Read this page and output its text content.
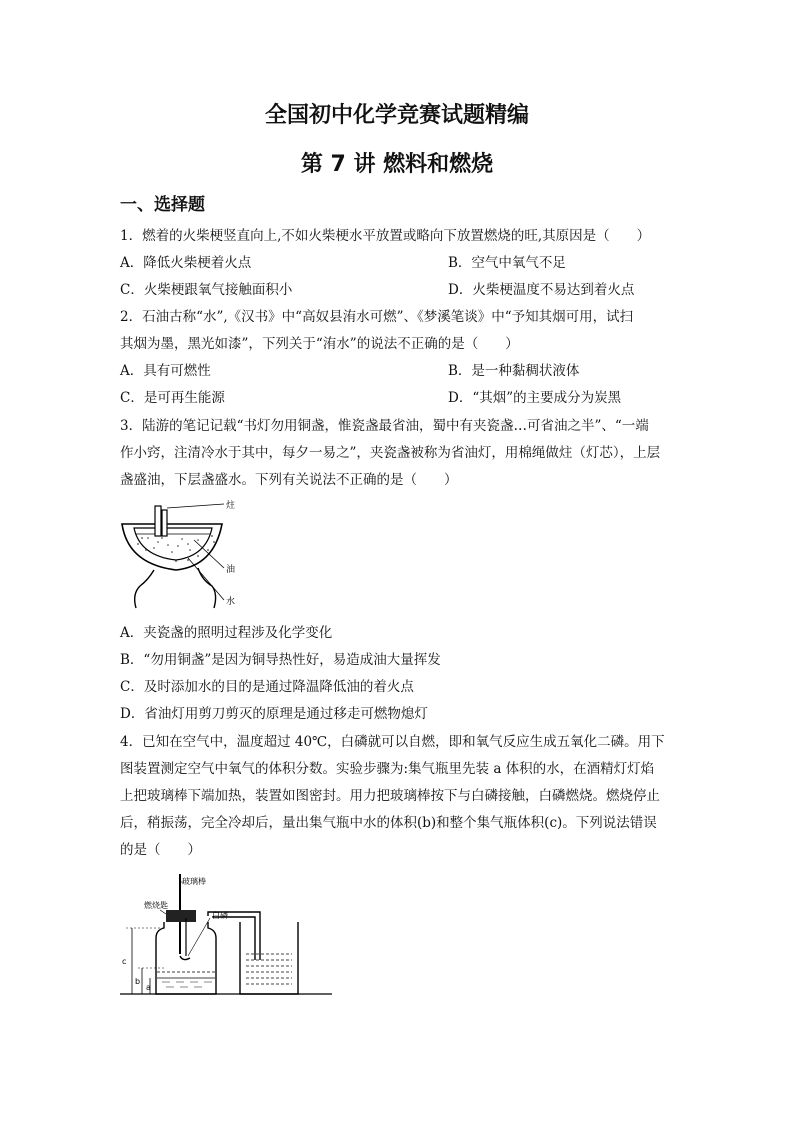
全国初中化学竞赛试题精编
第 7 讲 燃料和燃烧
一、选择题
1．燃着的火柴梗竖直向上,不如火柴梗水平放置或略向下放置燃烧的旺,其原因是（　　）
A．降低火柴梗着火点	B．空气中氧气不足
C．火柴梗跟氧气接触面积小	D．火柴梗温度不易达到着火点
2．石油古称“水”,《汉书》中“高奴县洧水可燃”、《梦溪笔谈》中“予知其烟可用，试扫
其烟为墨，黑光如漆”，下列关于“洧水”的说法不正确的是（　　）
A．具有可燃性	B．是一种黏稠状液体
C．是可再生能源	D．“其烟”的主要成分为炭黑
3．陆游的笔记记载“书灯勿用铜盏，惟瓷盏最省油，蜀中有夹瓷盏…可省油之半”、“一端
作小窍，注清冷水于其中，每夕一易之”，夹瓷盏被称为省油灯，用棉绳做炷（灯芯），上层
盏盛油，下层盏盛水。下列有关说法不正确的是（　　）
炷
油
水
A．夹瓷盏的照明过程涉及化学变化
B．“勿用铜盏”是因为铜导热性好，易造成油大量挥发
C．及时添加水的目的是通过降温降低油的着火点
D．省油灯用剪刀剪灭的原理是通过移走可燃物熄灯
4．已知在空气中，温度超过 40℃，白磷就可以自燃，即和氧气反应生成五氧化二磷。用下
图装置测定空气中氧气的体积分数。实验步骤为:集气瓶里先装 a 体积的水，在酒精灯灯焰
上把玻璃棒下端加热，装置如图密封。用力把玻璃棒按下与白磷接触，白磷燃烧。燃烧停止
后，稍振荡，完全冷却后，量出集气瓶中水的体积(b)和整个集气瓶体积(c)。下列说法错误
的是（　　）
玻璃棒
燃烧匙
白磷
c
b
a
